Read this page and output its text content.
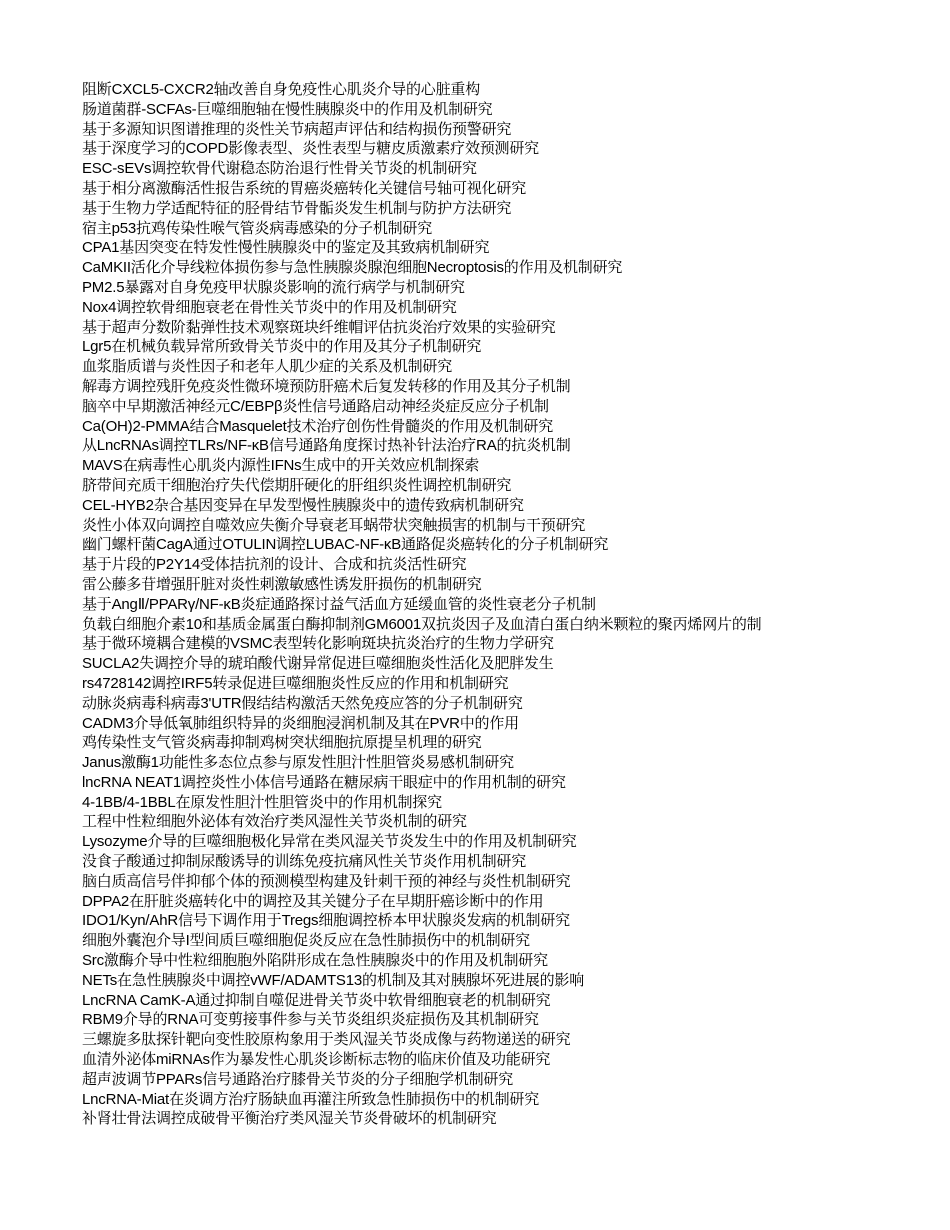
阻断CXCL5-CXCR2轴改善自身免疫性心肌炎介导的心脏重构
肠道菌群-SCFAs-巨噬细胞轴在慢性胰腺炎中的作用及机制研究
基于多源知识图谱推理的炎性关节病超声评估和结构损伤预警研究
基于深度学习的COPD影像表型、炎性表型与糖皮质激素疗效预测研究
ESC-sEVs调控软骨代谢稳态防治退行性骨关节炎的机制研究
基于相分离激酶活性报告系统的胃癌炎癌转化关键信号轴可视化研究
基于生物力学适配特征的胫骨结节骨骺炎发生机制与防护方法研究
宿主p53抗鸡传染性喉气管炎病毒感染的分子机制研究
CPA1基因突变在特发性慢性胰腺炎中的鉴定及其致病机制研究
CaMKII活化介导线粒体损伤参与急性胰腺炎腺泡细胞Necroptosis的作用及机制研究
PM2.5暴露对自身免疫甲状腺炎影响的流行病学与机制研究
Nox4调控软骨细胞衰老在骨性关节炎中的作用及机制研究
基于超声分数阶黏弹性技术观察斑块纤维帽评估抗炎治疗效果的实验研究
Lgr5在机械负载异常所致骨关节炎中的作用及其分子机制研究
血浆脂质谱与炎性因子和老年人肌少症的关系及机制研究
解毒方调控残肝免疫炎性微环境预防肝癌术后复发转移的作用及其分子机制
脑卒中早期激活神经元C/EBPβ炎性信号通路启动神经炎症反应分子机制
Ca(OH)2-PMMA结合Masquelet技术治疗创伤性骨髓炎的作用及机制研究
从LncRNAs调控TLRs/NF-κB信号通路角度探讨热补针法治疗RA的抗炎机制
MAVS在病毒性心肌炎内源性IFNs生成中的开关效应机制探索
脐带间充质干细胞治疗失代偿期肝硬化的肝组织炎性调控机制研究
CEL-HYB2杂合基因变异在早发型慢性胰腺炎中的遗传致病机制研究
炎性小体双向调控自噬效应失衡介导衰老耳蜗带状突触损害的机制与干预研究
幽门螺杆菌CagA通过OTULIN调控LUBAC-NF-κB通路促炎癌转化的分子机制研究
基于片段的P2Y14受体拮抗剂的设计、合成和抗炎活性研究
雷公藤多苷增强肝脏对炎性刺激敏感性诱发肝损伤的机制研究
基于AngⅡ/PPARγ/NF-κB炎症通路探讨益气活血方延缓血管的炎性衰老分子机制
负载白细胞介素10和基质金属蛋白酶抑制剂GM6001双抗炎因子及血清白蛋白纳米颗粒的聚丙烯网片的制
基于微环境耦合建模的VSMC表型转化影响斑块抗炎治疗的生物力学研究
SUCLA2失调控介导的琥珀酸代谢异常促进巨噬细胞炎性活化及肥胖发生
rs4728142调控IRF5转录促进巨噬细胞炎性反应的作用和机制研究
动脉炎病毒科病毒3'UTR假结结构激活天然免疫应答的分子机制研究
CADM3介导低氧肺组织特异的炎细胞浸润机制及其在PVR中的作用
鸡传染性支气管炎病毒抑制鸡树突状细胞抗原提呈机理的研究
Janus激酶1功能性多态位点参与原发性胆汁性胆管炎易感机制研究
lncRNA NEAT1调控炎性小体信号通路在糖尿病干眼症中的作用机制的研究
4-1BB/4-1BBL在原发性胆汁性胆管炎中的作用机制探究
工程中性粒细胞外泌体有效治疗类风湿性关节炎机制的研究
Lysozyme介导的巨噬细胞极化异常在类风湿关节炎发生中的作用及机制研究
没食子酸通过抑制尿酸诱导的训练免疫抗痛风性关节炎作用机制研究
脑白质高信号伴抑郁个体的预测模型构建及针刺干预的神经与炎性机制研究
DPPA2在肝脏炎癌转化中的调控及其关键分子在早期肝癌诊断中的作用
IDO1/Kyn/AhR信号下调作用于Tregs细胞调控桥本甲状腺炎发病的机制研究
细胞外囊泡介导I型间质巨噬细胞促炎反应在急性肺损伤中的机制研究
Src激酶介导中性粒细胞胞外陷阱形成在急性胰腺炎中的作用及机制研究
NETs在急性胰腺炎中调控vWF/ADAMTS13的机制及其对胰腺坏死进展的影响
LncRNA CamK-A通过抑制自噬促进骨关节炎中软骨细胞衰老的机制研究
RBM9介导的RNA可变剪接事件参与关节炎组织炎症损伤及其机制研究
三螺旋多肽探针靶向变性胶原构象用于类风湿关节炎成像与药物递送的研究
血清外泌体miRNAs作为暴发性心肌炎诊断标志物的临床价值及功能研究
超声波调节PPARs信号通路治疗膝骨关节炎的分子细胞学机制研究
LncRNA-Miat在炎调方治疗肠缺血再灌注所致急性肺损伤中的机制研究
补肾壮骨法调控成破骨平衡治疗类风湿关节炎骨破坏的机制研究
